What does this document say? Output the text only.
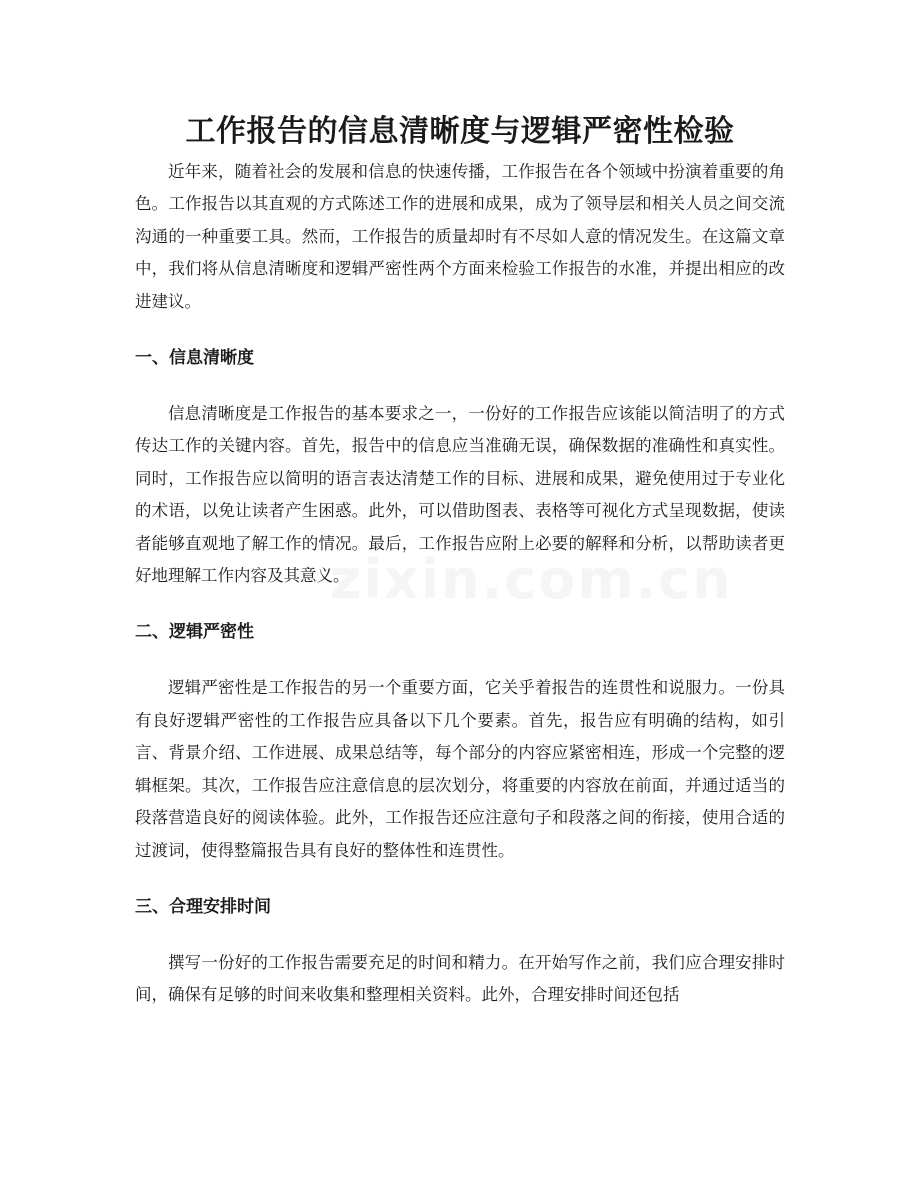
工作报告的信息清晰度与逻辑严密性检验

近年来，随着社会的发展和信息的快速传播，工作报告在各个领域中扮演着重要的角色。工作报告以其直观的方式陈述工作的进展和成果，成为了领导层和相关人员之间交流沟通的一种重要工具。然而，工作报告的质量却时有不尽如人意的情况发生。在这篇文章中，我们将从信息清晰度和逻辑严密性两个方面来检验工作报告的水准，并提出相应的改进建议。

一、信息清晰度

信息清晰度是工作报告的基本要求之一，一份好的工作报告应该能以简洁明了的方式传达工作的关键内容。首先，报告中的信息应当准确无误，确保数据的准确性和真实性。同时，工作报告应以简明的语言表达清楚工作的目标、进展和成果，避免使用过于专业化的术语，以免让读者产生困惑。此外，可以借助图表、表格等可视化方式呈现数据，使读者能够直观地了解工作的情况。最后，工作报告应附上必要的解释和分析，以帮助读者更好地理解工作内容及其意义。

二、逻辑严密性

逻辑严密性是工作报告的另一个重要方面，它关乎着报告的连贯性和说服力。一份具有良好逻辑严密性的工作报告应具备以下几个要素。首先，报告应有明确的结构，如引言、背景介绍、工作进展、成果总结等，每个部分的内容应紧密相连，形成一个完整的逻辑框架。其次，工作报告应注意信息的层次划分，将重要的内容放在前面，并通过适当的段落营造良好的阅读体验。此外，工作报告还应注意句子和段落之间的衔接，使用合适的过渡词，使得整篇报告具有良好的整体性和连贯性。

三、合理安排时间

撰写一份好的工作报告需要充足的时间和精力。在开始写作之前，我们应合理安排时间，确保有足够的时间来收集和整理相关资料。此外，合理安排时间还包括

zixin.com.cn
